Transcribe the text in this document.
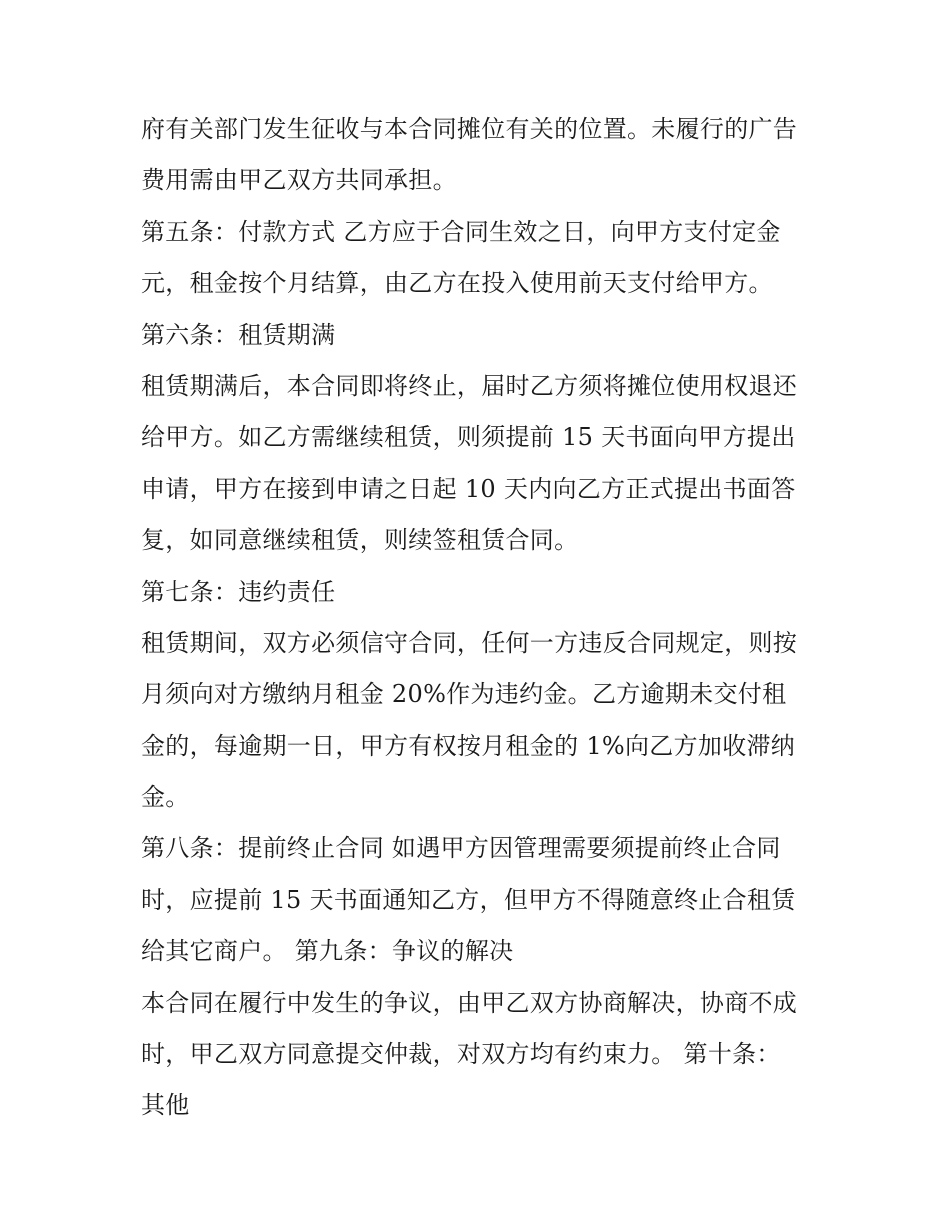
府有关部门发生征收与本合同摊位有关的位置。未履行的广告
费用需由甲乙双方共同承担。
第五条：付款方式 乙方应于合同生效之日，向甲方支付定金
元，租金按个月结算，由乙方在投入使用前天支付给甲方。
第六条：租赁期满
租赁期满后，本合同即将终止，届时乙方须将摊位使用权退还
给甲方。如乙方需继续租赁，则须提前 15 天书面向甲方提出
申请，甲方在接到申请之日起 10 天内向乙方正式提出书面答
复，如同意继续租赁，则续签租赁合同。
第七条：违约责任
租赁期间，双方必须信守合同，任何一方违反合同规定，则按
月须向对方缴纳月租金 20%作为违约金。乙方逾期未交付租
金的，每逾期一日，甲方有权按月租金的 1%向乙方加收滞纳
金。
第八条：提前终止合同 如遇甲方因管理需要须提前终止合同
时，应提前 15 天书面通知乙方，但甲方不得随意终止合租赁
给其它商户。 第九条：争议的解决
本合同在履行中发生的争议，由甲乙双方协商解决，协商不成
时，甲乙双方同意提交仲裁，对双方均有约束力。 第十条：
其他
